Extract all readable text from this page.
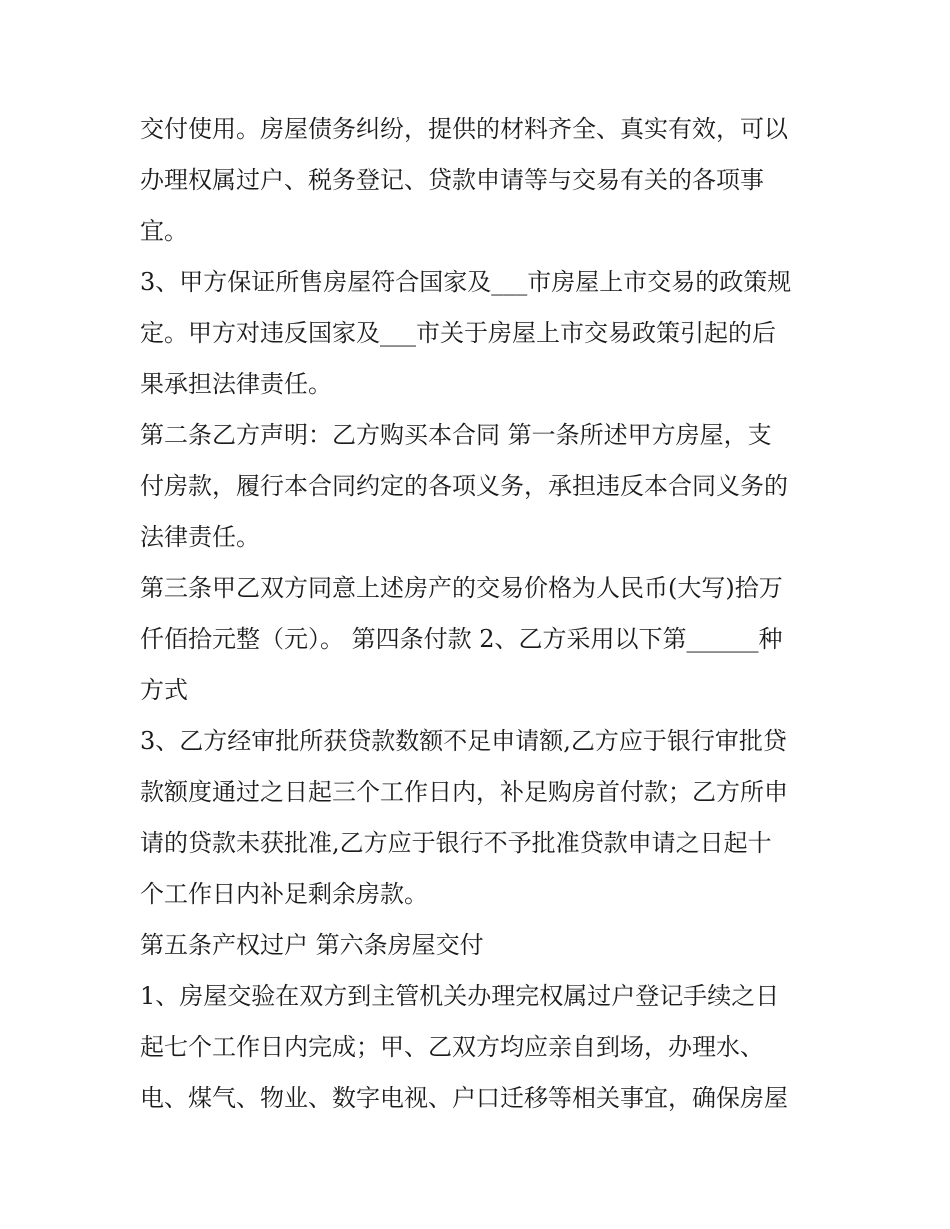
交付使用。房屋债务纠纷，提供的材料齐全、真实有效，可以
办理权属过户、税务登记、贷款申请等与交易有关的各项事
宜。
3、甲方保证所售房屋符合国家及___市房屋上市交易的政策规
定。甲方对违反国家及___市关于房屋上市交易政策引起的后
果承担法律责任。
第二条乙方声明：乙方购买本合同 第一条所述甲方房屋，支
付房款，履行本合同约定的各项义务，承担违反本合同义务的
法律责任。
第三条甲乙双方同意上述房产的交易价格为人民币(大写)拾万
仟佰拾元整（元）。 第四条付款 2、乙方采用以下第______种
方式
3、乙方经审批所获贷款数额不足申请额,乙方应于银行审批贷
款额度通过之日起三个工作日内，补足购房首付款；乙方所申
请的贷款未获批准,乙方应于银行不予批准贷款申请之日起十
个工作日内补足剩余房款。
第五条产权过户 第六条房屋交付
1、房屋交验在双方到主管机关办理完权属过户登记手续之日
起七个工作日内完成；甲、乙双方均应亲自到场，办理水、
电、煤气、物业、数字电视、户口迁移等相关事宜，确保房屋
